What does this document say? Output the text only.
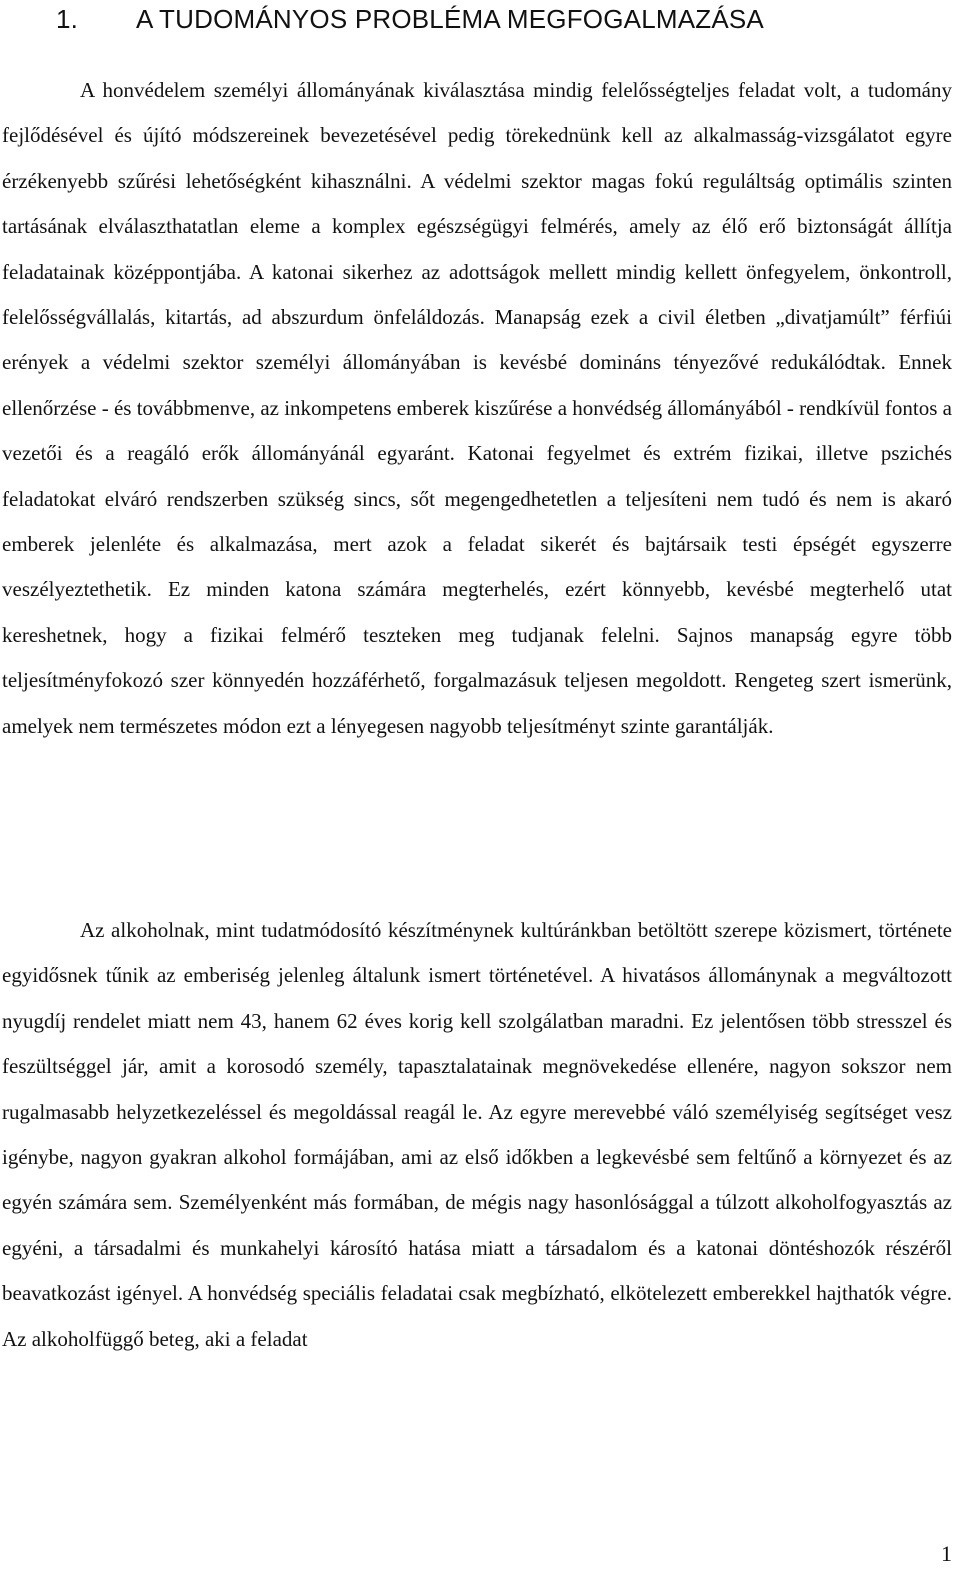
1. A TUDOMÁNYOS PROBLÉMA MEGFOGALMAZÁSA

A honvédelem személyi állományának kiválasztása mindig felelősségteljes feladat volt, a tudomány fejlődésével és újító módszereinek bevezetésével pedig törekednünk kell az alkalmasság-vizsgálatot egyre érzékenyebb szűrési lehetőségként kihasználni. A védelmi szektor magas fokú reguláltság optimális szinten tartásának elválaszthatatlan eleme a komplex egészségügyi felmérés, amely az élő erő biztonságát állítja feladatainak középpontjába. A katonai sikerhez az adottságok mellett mindig kellett önfegyelem, önkontroll, felelősségvállalás, kitartás, ad abszurdum önfeláldozás. Manapság ezek a civil életben „divatjamúlt” férfiúi erények a védelmi szektor személyi állományában is kevésbé domináns tényezővé redukálódtak. Ennek ellenőrzése - és továbbmenve, az inkompetens emberek kiszűrése a honvédség állományából - rendkívül fontos a vezetői és a reagáló erők állományánál egyaránt. Katonai fegyelmet és extrém fizikai, illetve pszichés feladatokat elváró rendszerben szükség sincs, sőt megengedhetetlen a teljesíteni nem tudó és nem is akaró emberek jelenléte és alkalmazása, mert azok a feladat sikerét és bajtársaik testi épségét egyszerre veszélyeztethetik. Ez minden katona számára megterhelés, ezért könnyebb, kevésbé megterhelő utat kereshetnek, hogy a fizikai felmérő teszteken meg tudjanak felelni. Sajnos manapság egyre több teljesítményfokozó szer könnyedén hozzáférhető, forgalmazásuk teljesen megoldott. Rengeteg szert ismerünk, amelyek nem természetes módon ezt a lényegesen nagyobb teljesítményt szinte garantálják.

Az alkoholnak, mint tudatmódosító készítménynek kultúránkban betöltött szerepe közismert, története egyidősnek tűnik az emberiség jelenleg általunk ismert történetével. A hivatásos állománynak a megváltozott nyugdíj rendelet miatt nem 43, hanem 62 éves korig kell szolgálatban maradni. Ez jelentősen több stresszel és feszültséggel jár, amit a korosodó személy, tapasztalatainak megnövekedése ellenére, nagyon sokszor nem rugalmasabb helyzetkezeléssel és megoldással reagál le. Az egyre merevebbé váló személyiség segítséget vesz igénybe, nagyon gyakran alkohol formájában, ami az első időkben a legkevésbé sem feltűnő a környezet és az egyén számára sem. Személyenként más formában, de mégis nagy hasonlósággal a túlzott alkoholfogyasztás az egyéni, a társadalmi és munkahelyi károsító hatása miatt a társadalom és a katonai döntéshozók részéről beavatkozást igényel. A honvédség speciális feladatai csak megbízható, elkötelezett emberekkel hajthatók végre. Az alkoholfüggő beteg, aki a feladat

1
